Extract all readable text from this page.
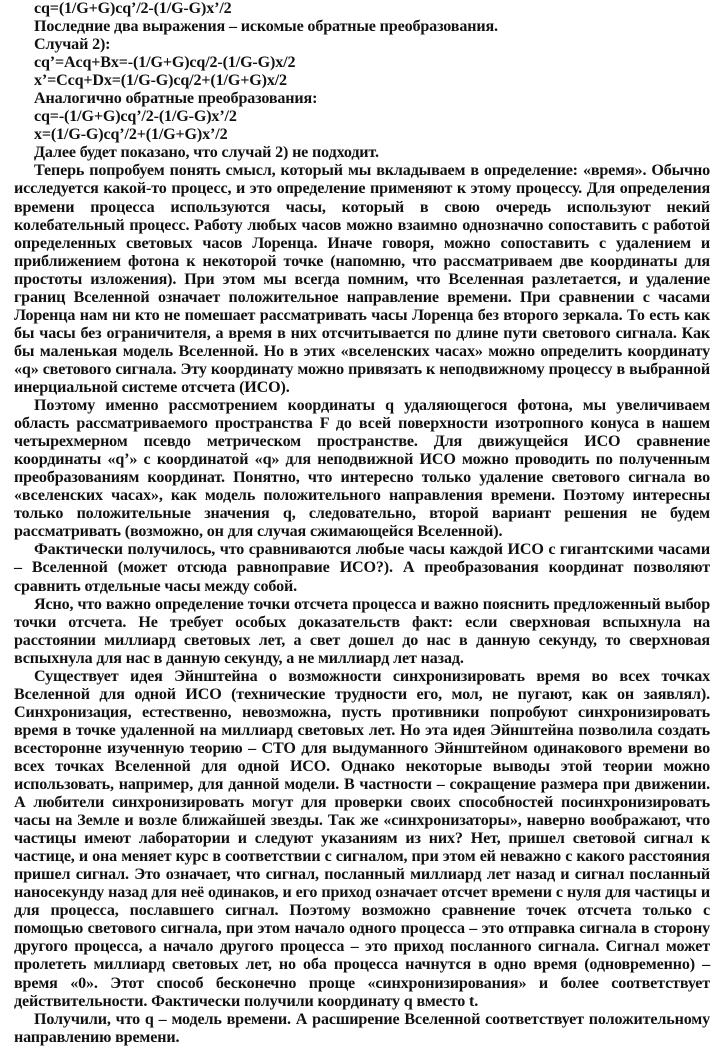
cq=(1/G+G)cq’/2-(1/G-G)x’/2

Последние два выражения – искомые обратные преобразования.

Случай 2):

cq’=Acq+Bx=-(1/G+G)cq/2-(1/G-G)x/2

x’=Ccq+Dx=(1/G-G)cq/2+(1/G+G)x/2

Аналогично обратные преобразования:

cq=-(1/G+G)cq’/2-(1/G-G)x’/2

x=(1/G-G)cq’/2+(1/G+G)x’/2

Далее будет показано, что случай 2) не подходит.

Теперь попробуем понять смысл, который мы вкладываем в определение: «время». Обычно исследуется какой-то процесс, и это определение применяют к этому процессу. Для определения времени процесса используются часы, который в свою очередь используют некий колебательный процесс. Работу любых часов можно взаимно однозначно сопоставить с работой определенных световых часов Лоренца. Иначе говоря, можно сопоставить с удалением и приближением фотона к некоторой точке (напомню, что рассматриваем две координаты для простоты изложения). При этом мы всегда помним, что Вселенная разлетается, и удаление границ Вселенной означает положительное направление времени. При сравнении с часами Лоренца нам ни кто не помешает рассматривать часы Лоренца без второго зеркала. То есть как бы часы без ограничителя, а время в них отсчитывается по длине пути светового сигнала. Как бы маленькая модель Вселенной. Но в этих «вселенских часах» можно определить координату «q» светового сигнала. Эту координату можно привязать к неподвижному процессу в выбранной инерциальной системе отсчета (ИСО).

Поэтому именно рассмотрением координаты q удаляющегося фотона, мы увеличиваем область рассматриваемого пространства F до всей поверхности изотропного конуса в нашем четырехмерном псевдо метрическом пространстве. Для движущейся ИСО сравнение координаты «q’» с координатой «q» для неподвижной ИСО можно проводить по полученным преобразованиям координат. Понятно, что интересно только удаление светового сигнала во «вселенских часах», как модель положительного направления времени. Поэтому интересны только положительные значения q, следовательно, второй вариант решения не будем рассматривать (возможно, он для случая сжимающейся Вселенной).

Фактически получилось, что сравниваются любые часы каждой ИСО с гигантскими часами – Вселенной (может отсюда равноправие ИСО?). А преобразования координат позволяют сравнить отдельные часы между собой.

Ясно, что важно определение точки отсчета процесса и важно пояснить предложенный выбор точки отсчета. Не требует особых доказательств факт: если сверхновая вспыхнула на расстоянии миллиард световых лет, а свет дошел до нас в данную секунду, то сверхновая вспыхнула для нас в данную секунду, а не миллиард лет назад.

Существует идея Эйнштейна о возможности синхронизировать время во всех точках Вселенной для одной ИСО (технические трудности его, мол, не пугают, как он заявлял). Синхронизация, естественно, невозможна, пусть противники попробуют синхронизировать время в точке удаленной на миллиард световых лет. Но эта идея Эйнштейна позволила создать всесторонне изученную теорию – СТО для выдуманного Эйнштейном одинакового времени во всех точках Вселенной для одной ИСО. Однако некоторые выводы этой теории можно использовать, например, для данной модели. В частности – сокращение размера при движении. А любители синхронизировать могут для проверки своих способностей посинхронизировать часы на Земле и возле ближайшей звезды. Так же «синхронизаторы», наверно воображают, что частицы имеют лаборатории и следуют указаниям из них? Нет, пришел световой сигнал к частице, и она меняет курс в соответствии с сигналом, при этом ей неважно с какого расстояния пришел сигнал. Это означает, что сигнал, посланный миллиард лет назад и сигнал посланный наносекунду назад для неё одинаков, и его приход означает отсчет времени с нуля для частицы и для процесса, пославшего сигнал. Поэтому возможно сравнение точек отсчета только с помощью светового сигнала, при этом начало одного процесса – это отправка сигнала в сторону другого процесса, а начало другого процесса – это приход посланного сигнала. Сигнал может пролететь миллиард световых лет, но оба процесса начнутся в одно время (одновременно) – время «0». Этот способ бесконечно проще «синхронизирования» и более соответствует действительности. Фактически получили координату q вместо t.

Получили, что q – модель времени. А расширение Вселенной соответствует положительному направлению времени.
